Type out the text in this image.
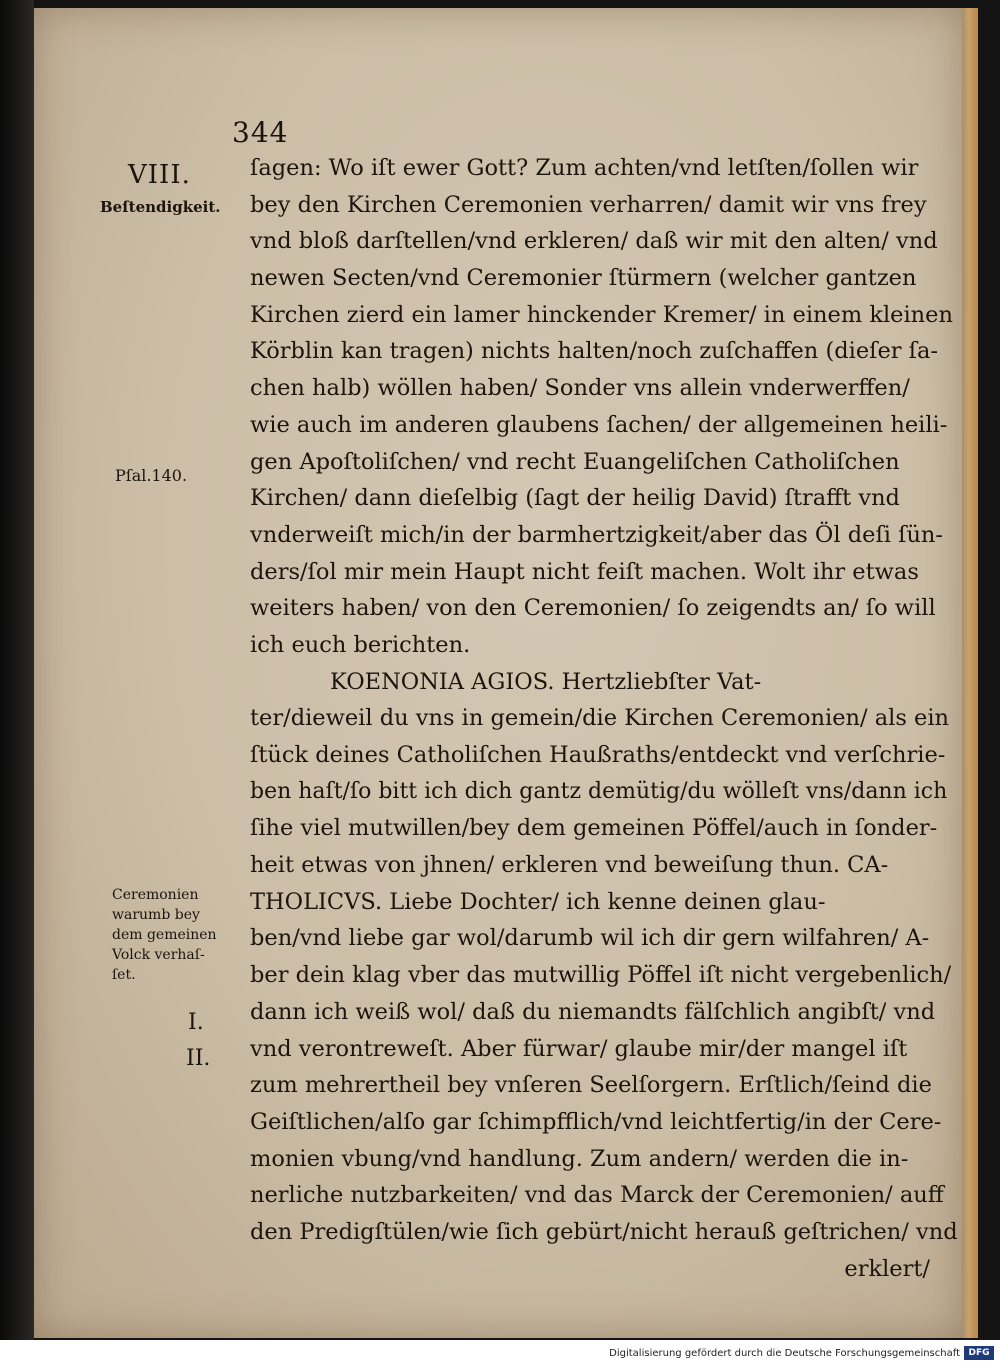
344
VIII.
Beſtendigkeit.
Pſal.140.
Ceremonien
warumb bey
dem gemeinen
Volck verhaſ-
ſet.
I.
II.
ſagen: Wo iſt ewer Gott? Zum achten/vnd letſten/ſollen wir
bey den Kirchen Ceremonien verharren/ damit wir vns frey
vnd bloß darſtellen/vnd erkleren/ daß wir mit den alten/ vnd
newen Secten/vnd Ceremonier ſtürmern (welcher gantzen
Kirchen zierd ein lamer hinckender Kremer/ in einem kleinen
Körblin kan tragen) nichts halten/noch zuſchaffen (dieſer ſa-
chen halb) wöllen haben/ Sonder vns allein vnderwerffen/
wie auch im anderen glaubens ſachen/ der allgemeinen heili-
gen Apoſtoliſchen/ vnd recht Euangeliſchen Catholiſchen
Kirchen/ dann dieſelbig (ſagt der heilig David) ſtrafft vnd
vnderweiſt mich/in der barmhertzigkeit/aber das Öl deſi ſün-
ders/ſol mir mein Haupt nicht feiſt machen. Wolt ihr etwas
weiters haben/ von den Ceremonien/ ſo zeigendts an/ ſo will
ich euch berichten.
KOENONIA AGIOS. Hertzliebſter Vat-
ter/dieweil du vns in gemein/die Kirchen Ceremonien/ als ein
ſtück deines Catholiſchen Haußraths/entdeckt vnd verſchrie-
ben haſt/ſo bitt ich dich gantz demütig/du wölleſt vns/dann ich
ſihe viel mutwillen/bey dem gemeinen Pöffel/auch in ſonder-
heit etwas von jhnen/ erkleren vnd beweiſung thun. CA-
THOLICVS. Liebe Dochter/ ich kenne deinen glau-
ben/vnd liebe gar wol/darumb wil ich dir gern wilfahren/ A-
ber dein klag vber das mutwillig Pöffel iſt nicht vergebenlich/
dann ich weiß wol/ daß du niemandts fälſchlich angibſt/ vnd
vnd verontreweſt. Aber fürwar/ glaube mir/der mangel iſt
zum mehrertheil bey vnſeren Seelſorgern. Erſtlich/ſeind die
Geiſtlichen/alſo gar ſchimpfflich/vnd leichtfertig/in der Cere-
monien vbung/vnd handlung. Zum andern/ werden die in-
nerliche nutzbarkeiten/ vnd das Marck der Ceremonien/ auff
den Predigſtülen/wie ſich gebürt/nicht herauß geſtrichen/ vnd
erklert/
Digitalisierung gefördert durch die Deutsche Forschungsgemeinschaft DFG
